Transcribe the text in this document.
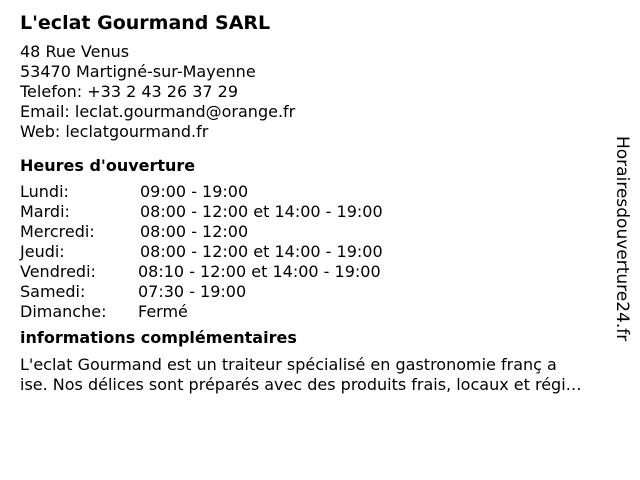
L'eclat Gourmand SARL
48 Rue Venus
53470 Martigné-sur-Mayenne
Telefon: +33 2 43 26 37 29
Email: leclat.gourmand@orange.fr
Web: leclatgourmand.fr
Heures d'ouverture
Lundi:	09:00 - 19:00
Mardi:	08:00 - 12:00 et 14:00 - 19:00
Mercredi:	08:00 - 12:00
Jeudi:	08:00 - 12:00 et 14:00 - 19:00
Vendredi:	08:10 - 12:00 et 14:00 - 19:00
Samedi:	07:30 - 19:00
Dimanche: Fermé
informations complémentaires
L'eclat Gourmand est un traiteur spécialisé en gastronomie franç a
ise. Nos délices sont préparés avec des produits frais, locaux et régi…
Horairesdouverture24.fr
